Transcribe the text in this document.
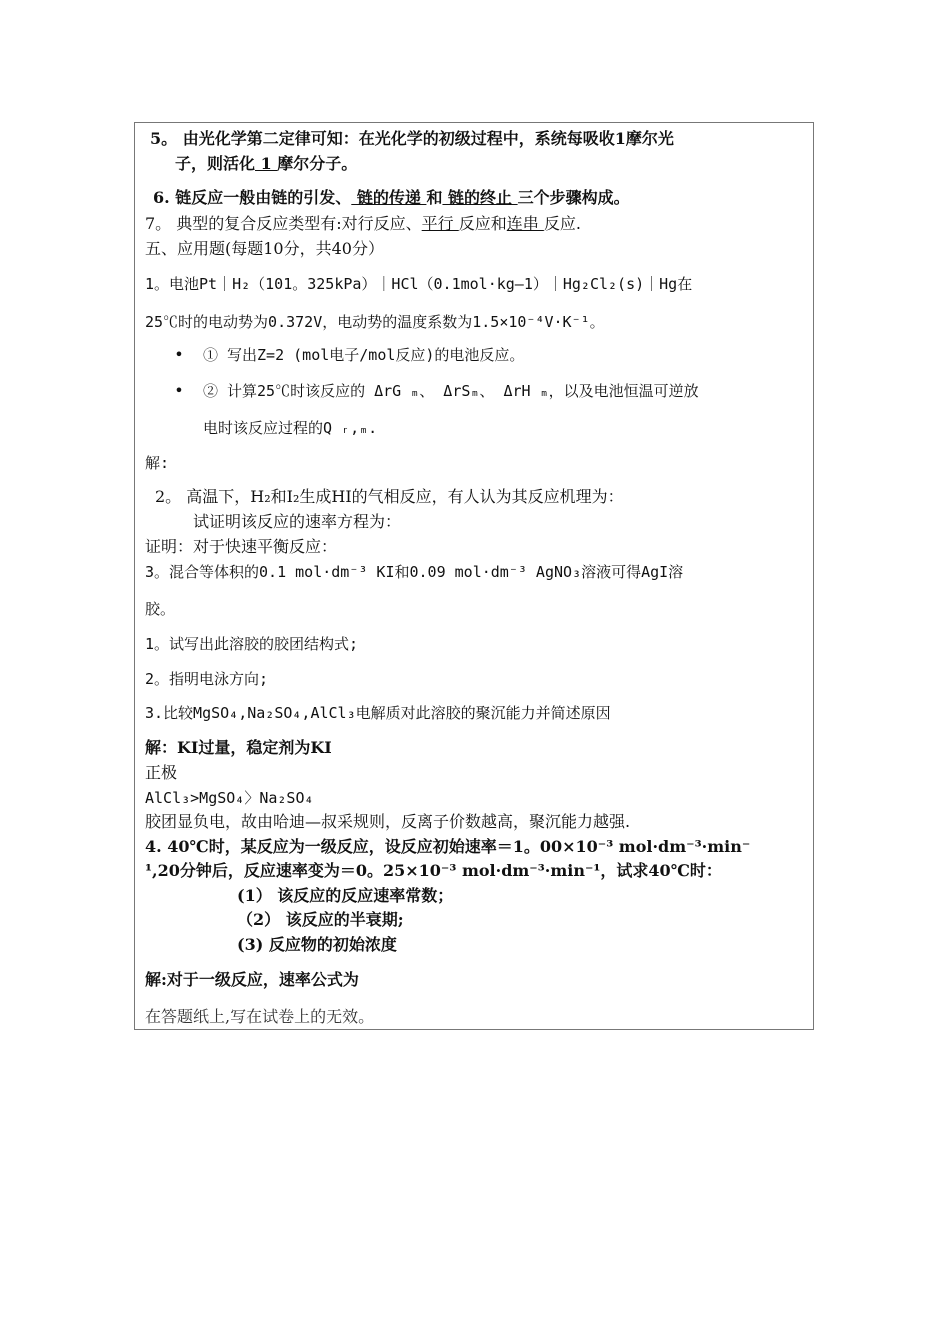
5。 由光化学第二定律可知：在光化学的初级过程中，系统每吸收1摩尔光
子，则活化 1 摩尔分子。
6. 链反应一般由链的引发、 链的传递 和 链的终止 三个步骤构成。
7。 典型的复合反应类型有:对行反应、平行 反应和连串 反应.
五、应用题(每题10分，共40分）
1。电池Pt｜H₂（101。325kPa）｜HCl（0.1mol·kg—1）｜Hg₂Cl₂(s)｜Hg在
25℃时的电动势为0.372V，电动势的温度系数为1.5×10⁻⁴V·K⁻¹。
• ① 写出Z=2 (mol电子/mol反应)的电池反应。
• ② 计算25℃时该反应的 ΔrG ₘ、 ΔrSₘ、 ΔrH ₘ，以及电池恒温可逆放
电时该反应过程的Q ᵣ,ₘ.
解:
2。 高温下，H₂和I₂生成HI的气相反应，有人认为其反应机理为：
试证明该反应的速率方程为：
证明：对于快速平衡反应：
3。混合等体积的0.1 mol·dm⁻³ KI和0.09 mol·dm⁻³ AgNO₃溶液可得AgI溶
胶。
1。试写出此溶胶的胶团结构式;
2。指明电泳方向;
3.比较MgSO₄,Na₂SO₄,AlCl₃电解质对此溶胶的聚沉能力并简述原因
解：KI过量，稳定剂为KI
正极
AlCl₃>MgSO₄〉Na₂SO₄
胶团显负电，故由哈迪—叔采规则，反离子价数越高，聚沉能力越强.
4. 40℃时，某反应为一级反应，设反应初始速率＝1。00×10⁻³ mol·dm⁻³·min⁻
¹,20分钟后，反应速率变为＝0。25×10⁻³ mol·dm⁻³·min⁻¹，试求40℃时：
(1） 该反应的反应速率常数；
（2） 该反应的半衰期;
(3) 反应物的初始浓度
解:对于一级反应，速率公式为
在答题纸上,写在试卷上的无效。
